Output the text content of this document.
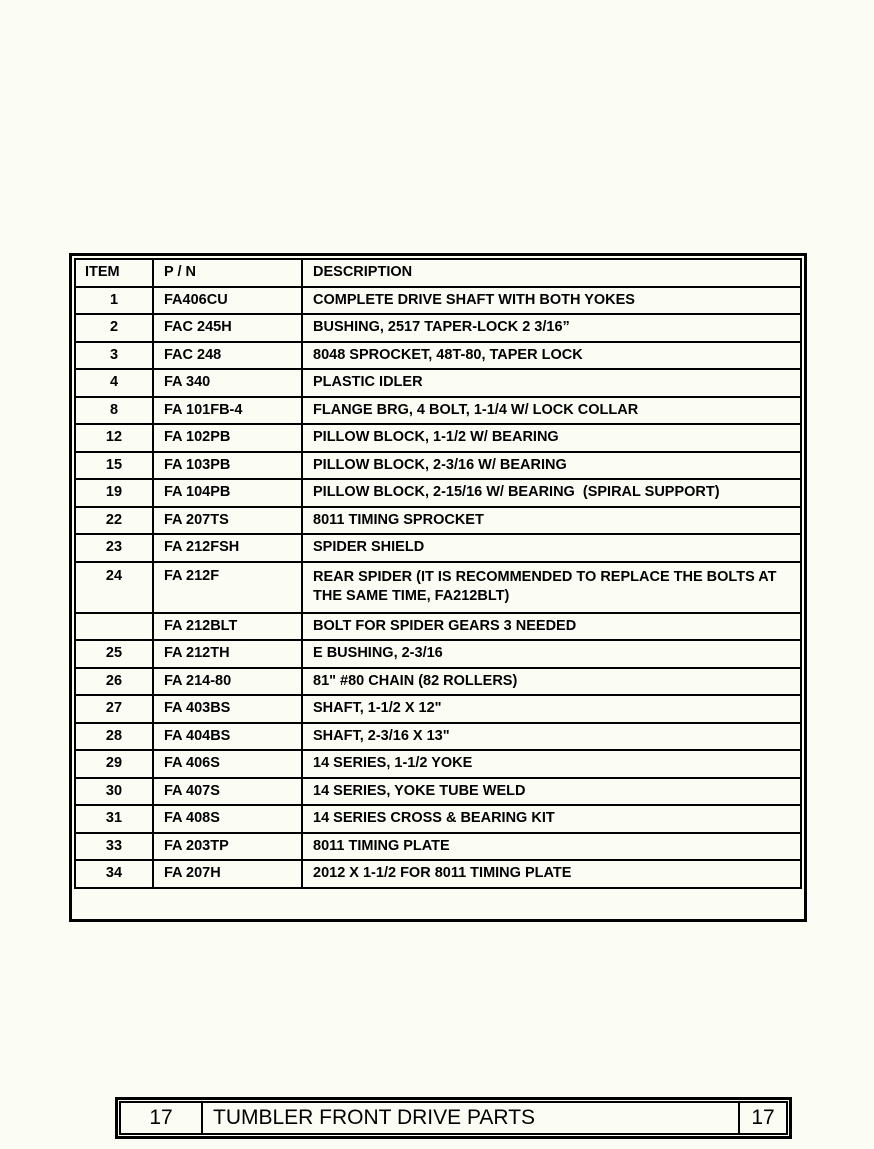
ITEM	P / N	DESCRIPTION
1	FA406CU	COMPLETE DRIVE SHAFT WITH BOTH YOKES
2	FAC 245H	BUSHING, 2517 TAPER-LOCK 2 3/16”
3	FAC 248	8048 SPROCKET, 48T-80, TAPER LOCK
4	FA 340	PLASTIC IDLER
8	FA 101FB-4	FLANGE BRG, 4 BOLT, 1-1/4 W/ LOCK COLLAR
12	FA 102PB	PILLOW BLOCK, 1-1/2 W/ BEARING
15	FA 103PB	PILLOW BLOCK, 2-3/16 W/ BEARING
19	FA 104PB	PILLOW BLOCK, 2-15/16 W/ BEARING  (SPIRAL SUPPORT)
22	FA 207TS	8011 TIMING SPROCKET
23	FA 212FSH	SPIDER SHIELD
24	FA 212F	REAR SPIDER (IT IS RECOMMENDED TO REPLACE THE BOLTS AT THE SAME TIME, FA212BLT)
	FA 212BLT	BOLT FOR SPIDER GEARS 3 NEEDED
25	FA 212TH	E BUSHING, 2-3/16
26	FA 214-80	81" #80 CHAIN (82 ROLLERS)
27	FA 403BS	SHAFT, 1-1/2 X 12"
28	FA 404BS	SHAFT, 2-3/16 X 13"
29	FA 406S	14 SERIES, 1-1/2 YOKE
30	FA 407S	14 SERIES, YOKE TUBE WELD
31	FA 408S	14 SERIES CROSS & BEARING KIT
33	FA 203TP	8011 TIMING PLATE
34	FA 207H	2012 X 1-1/2 FOR 8011 TIMING PLATE
17	TUMBLER FRONT DRIVE PARTS	17
